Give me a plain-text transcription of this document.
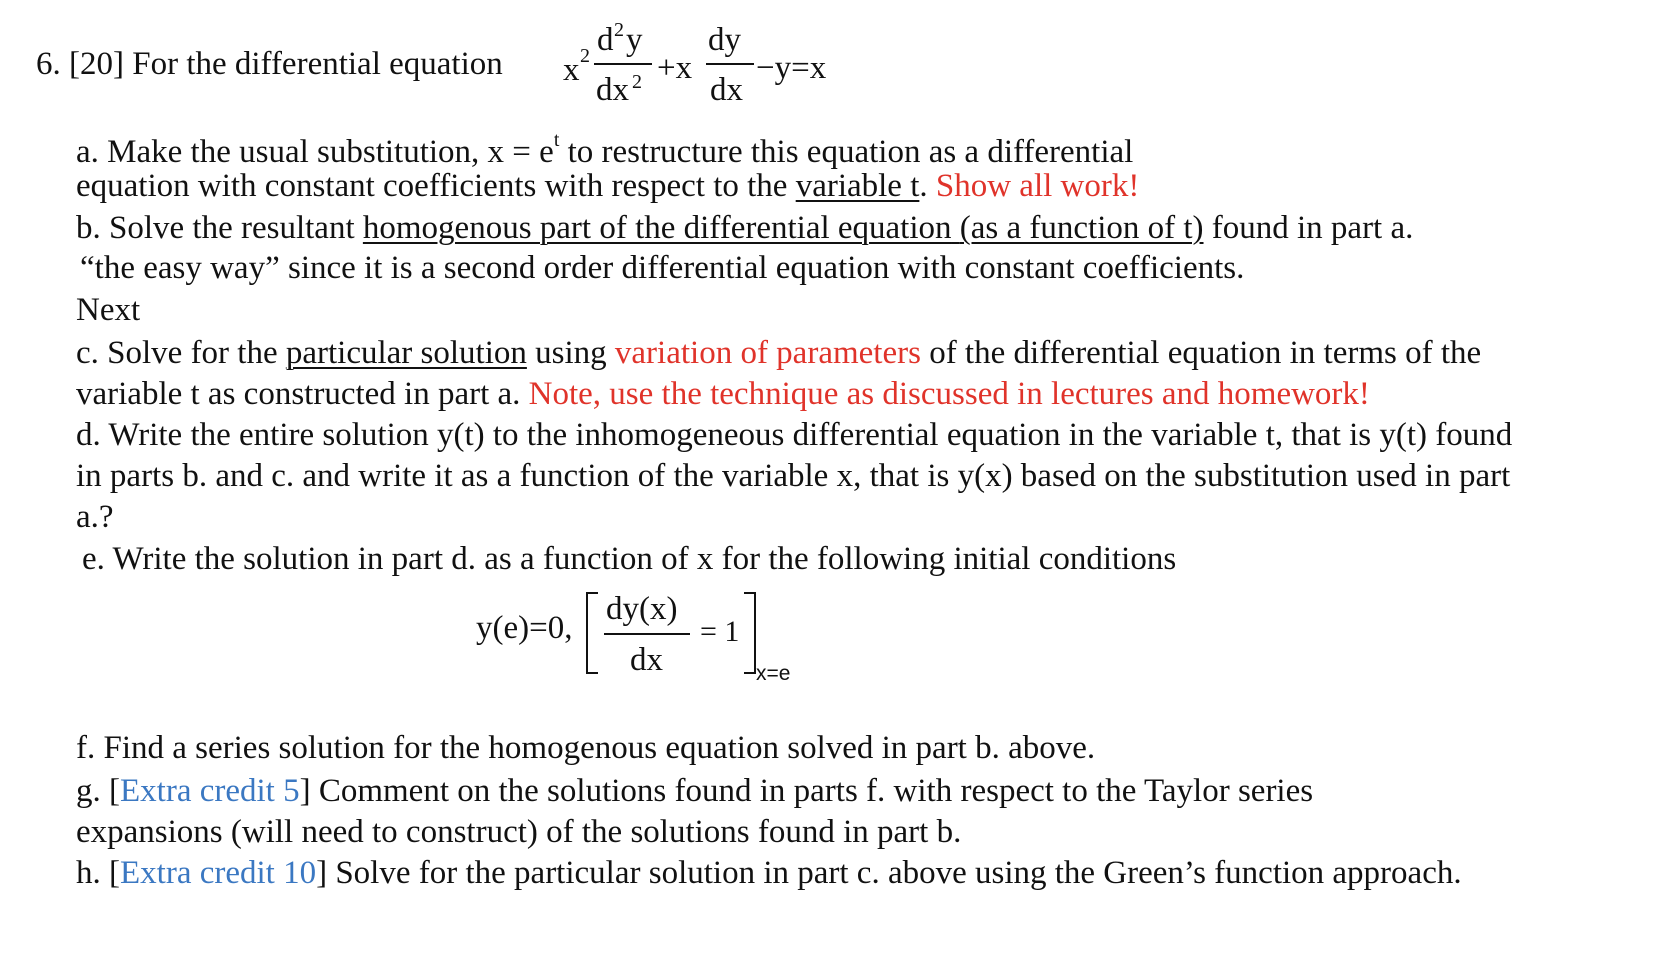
6. [20] For the differential equation x 2 d 2 y
dx 2 +x
dy
dx
−y=x
a. Make the usual substitution, $x = e^t$ to restructure this equation as a differential
equation with constant coefficients with respect to the variable t. Show all work!
b. Solve the resultant homogenous part of the differential equation (as a function of t) found in part a.
“the easy way” since it is a second order differential equation with constant coefficients.
Next
c. Solve for the particular solution using variation of parameters of the differential equation in terms of the
variable t as constructed in part a. Note, use the technique as discussed in lectures and homework!
d. Write the entire solution y(t) to the inhomogeneous differential equation in the variable t, that is y(t) found
in parts b. and c. and write it as a function of the variable x, that is y(x) based on the substitution used in part
a.?
e. Write the solution in part d. as a function of x for the following initial conditions
y(e)=0,
dy(x)
dx
= 1
x=e
f. Find a series solution for the homogenous equation solved in part b. above.
g. [Extra credit 5] Comment on the solutions found in parts f. with respect to the Taylor series
expansions (will need to construct) of the solutions found in part b.
h. [Extra credit 10] Solve for the particular solution in part c. above using the Green’s function approach.
